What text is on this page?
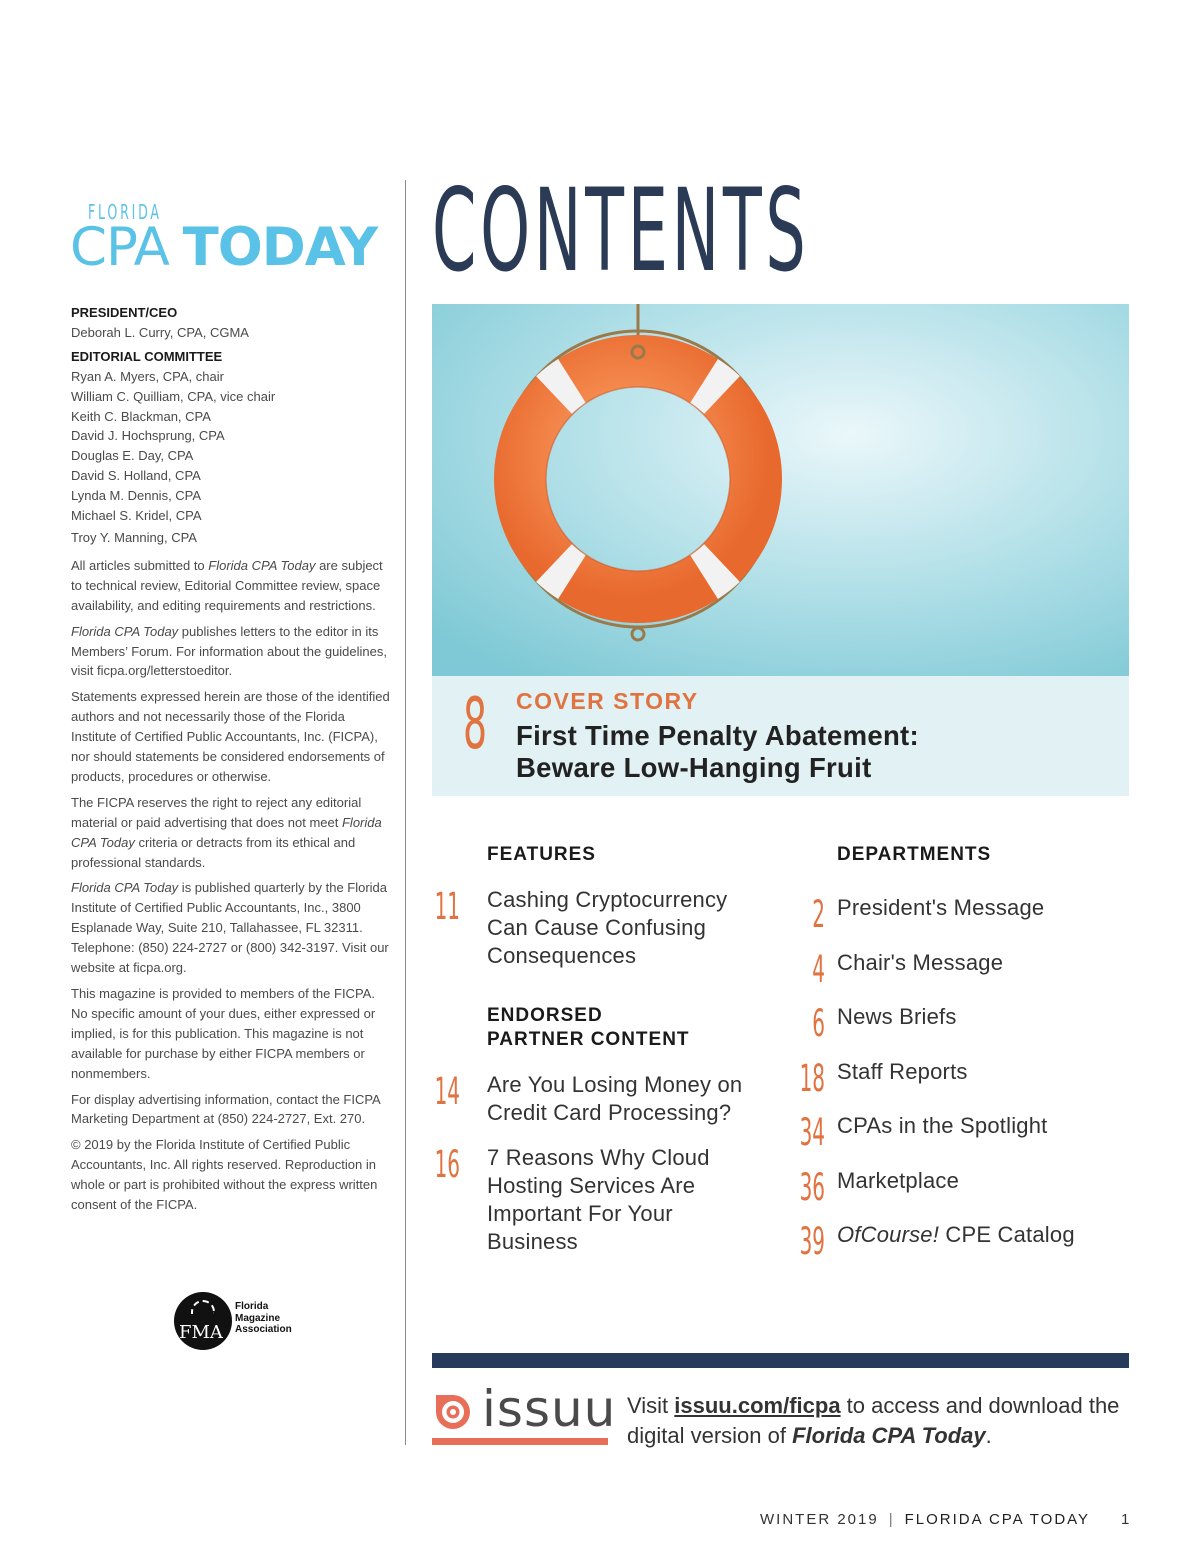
FLORIDA
CPA TODAY
PRESIDENT/CEO
Deborah L. Curry, CPA, CGMA
EDITORIAL COMMITTEE
Ryan A. Myers, CPA, chair
William C. Quilliam, CPA, vice chair
Keith C. Blackman, CPA
David J. Hochsprung, CPA
Douglas E. Day, CPA
David S. Holland, CPA
Lynda M. Dennis, CPA
Michael S. Kridel, CPA
Troy Y. Manning, CPA
All articles submitted to Florida CPA Today are subject to technical review, Editorial Committee review, space availability, and editing requirements and restrictions.
Florida CPA Today publishes letters to the editor in its Members’ Forum. For information about the guidelines, visit ficpa.org/letterstoeditor.
Statements expressed herein are those of the identified authors and not necessarily those of the Florida Institute of Certified Public Accountants, Inc. (FICPA), nor should statements be considered endorsements of products, procedures or otherwise.
The FICPA reserves the right to reject any editorial material or paid advertising that does not meet Florida CPA Today criteria or detracts from its ethical and professional standards.
Florida CPA Today is published quarterly by the Florida Institute of Certified Public Accountants, Inc., 3800 Esplanade Way, Suite 210, Tallahassee, FL 32311. Telephone: (850) 224-2727 or (800) 342-3197. Visit our website at ficpa.org.
This magazine is provided to members of the FICPA. No specific amount of your dues, either expressed or implied, is for this publication. This magazine is not available for purchase by either FICPA members or nonmembers.
For display advertising information, contact the FICPA Marketing Department at (850) 224-2727, Ext. 270.
© 2019 by the Florida Institute of Certified Public Accountants, Inc. All rights reserved. Reproduction in whole or part is prohibited without the express written consent of the FICPA.
FMA
Florida
Magazine
Association
CONTENTS
8 COVER STORY
First Time Penalty Abatement:
Beware Low-Hanging Fruit
FEATURES
11 Cashing Cryptocurrency
Can Cause Confusing
Consequences
ENDORSED
PARTNER CONTENT
14 Are You Losing Money on
Credit Card Processing?
16 7 Reasons Why Cloud
Hosting Services Are
Important For Your
Business
DEPARTMENTS
2 President's Message
4 Chair's Message
6 News Briefs
18 Staff Reports
34 CPAs in the Spotlight
36 Marketplace
39 OfCourse! CPE Catalog
issuu Visit issuu.com/ficpa to access and download the digital version of Florida CPA Today.
WINTER 2019 | FLORIDA CPA TODAY 1
